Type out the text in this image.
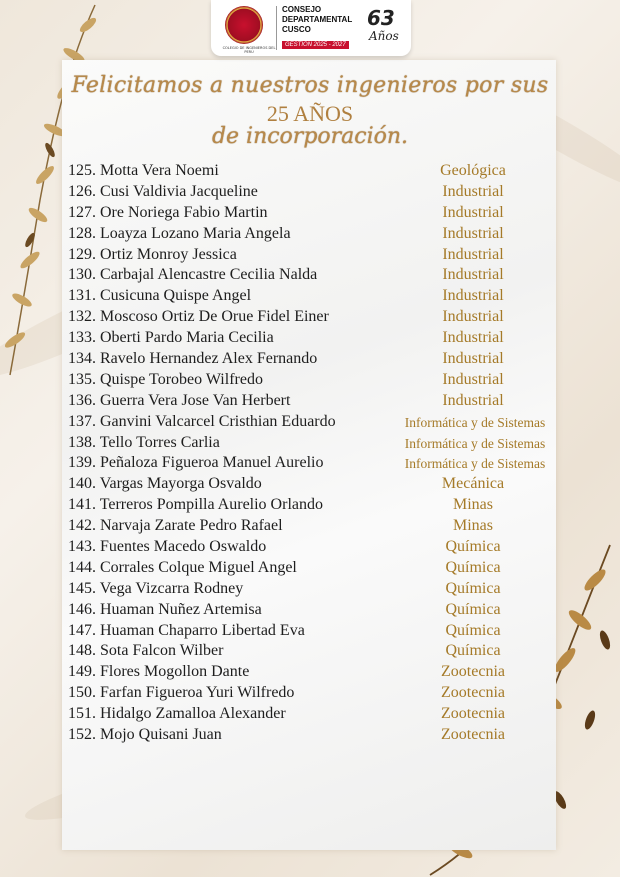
COLEGIO DE INGENIEROS DEL PERÚ
CONSEJO
DEPARTAMENTAL
CUSCO
GESTIÓN 2025 - 2027
63
Años
Felicitamos a nuestros ingenieros por sus
25 AÑOS
de incorporación.
125. Motta Vera Noemi	Geológica
126. Cusi Valdivia Jacqueline	Industrial
127. Ore Noriega Fabio Martin	Industrial
128. Loayza Lozano Maria Angela	Industrial
129. Ortiz Monroy Jessica	Industrial
130. Carbajal Alencastre Cecilia Nalda	Industrial
131. Cusicuna Quispe Angel	Industrial
132. Moscoso Ortiz De Orue Fidel Einer	Industrial
133. Oberti Pardo Maria Cecilia	Industrial
134. Ravelo Hernandez Alex Fernando	Industrial
135. Quispe Torobeo Wilfredo	Industrial
136. Guerra Vera Jose Van Herbert	Industrial
137. Ganvini Valcarcel Cristhian Eduardo	Informática y de Sistemas
138. Tello Torres Carlia	Informática y de Sistemas
139. Peñaloza Figueroa Manuel Aurelio	Informática y de Sistemas
140. Vargas Mayorga Osvaldo	Mecánica
141. Terreros Pompilla Aurelio Orlando	Minas
142. Narvaja Zarate Pedro Rafael	Minas
143. Fuentes Macedo Oswaldo	Química
144. Corrales Colque Miguel Angel	Química
145. Vega Vizcarra Rodney	Química
146. Huaman Nuñez Artemisa	Química
147. Huaman Chaparro Libertad Eva	Química
148. Sota Falcon Wilber	Química
149. Flores Mogollon Dante	Zootecnia
150. Farfan Figueroa Yuri Wilfredo	Zootecnia
151. Hidalgo Zamalloa Alexander	Zootecnia
152. Mojo Quisani Juan	Zootecnia
